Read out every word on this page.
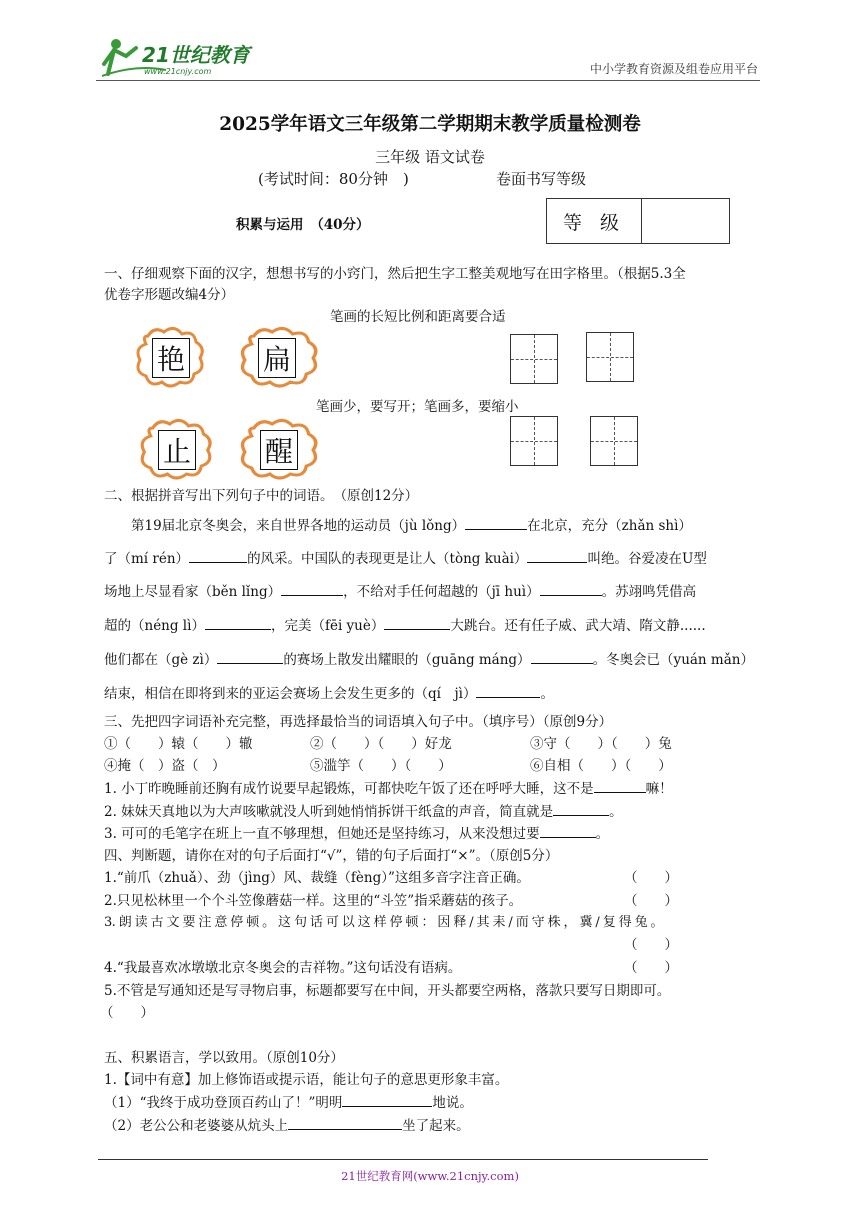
21世纪教育
www.21cnjy.com	中小学教育资源及组卷应用平台
2025学年语文三年级第二学期期末教学质量检测卷
三年级 语文试卷
(考试时间：80分钟　)	卷面书写等级
积累与运用　（40分）	等 级
一、仔细观察下面的汉字，想想书写的小窍门，然后把生字工整美观地写在田字格里。（根据5.3全
优卷字形题改编4分）
笔画的长短比例和距离要合适
笔画少，要写开；笔画多，要缩小
艳	扁
止	醒
二、根据拼音写出下列句子中的词语。　（原创12分）
　　第19届北京冬奥会，来自世界各地的运动员（jù lǒng）	在北京，充分（zhǎn shì）
了（mí rén）	的风采。中国队的表现更是让人（tòng kuài）	叫绝。谷爱凌在U型
场地上尽显看家（běn lǐng）	，不给对手任何超越的（jī huì）	。苏翊鸣凭借高
超的（néng lì）	，完美（fēi yuè）	大跳台。还有任子威、武大靖、隋文静......
他们都在（gè zì）	的赛场上散发出耀眼的（guāng máng）	。冬奥会已（yuán mǎn）
结束，相信在即将到来的亚运会赛场上会发生更多的（qí　jì）	。
三、先把四字词语补充完整，再选择最恰当的词语填入句子中。（填序号）（原创9分）
①（　　）辕（　　）辙	②（　　）（　　）好龙	③守（　　）（　　）兔
④掩（　）盗（　）	⑤滥竽（　　）（　　）	⑥自相（　　）（　　）
1. 小丁昨晚睡前还胸有成竹说要早起锻炼，可都快吃午饭了还在呼呼大睡，这不是	嘛！
2. 妹妹天真地以为大声咳嗽就没人听到她悄悄拆饼干纸盒的声音，简直就是	。
3. 可可的毛笔字在班上一直不够理想，但她还是坚持练习，从来没想过要	。
四、判断题，请你在对的句子后面打“√”，错的句子后面打“×”。（原创5分）
1.“前爪（zhuǎ）、劲（jìng）风、裁缝（fèng）”这组多音字注音正确。	（　　）
2.只见松林里一个个斗笠像蘑菇一样。这里的“斗笠”指采蘑菇的孩子。	（　　）
3. 朗 读 古 文 要 注 意 停 顿 。 这 句 话 可 以 这 样 停 顿 ： 因 释 / 其 耒 / 而 守 株 ， 冀 / 复 得 兔 。
（　　）
4.“我最喜欢冰墩墩北京冬奥会的吉祥物。”这句话没有语病。	（　　）
5.不管是写通知还是写寻物启事，标题都要写在中间，开头都要空两格，落款只要写日期即可。
（　　）
五、积累语言，学以致用。（原创10分）
1.【词中有意】加上修饰语或提示语，能让句子的意思更形象丰富。
（1）“我终于成功登顶百药山了！”明明	地说。
（2）老公公和老婆婆从炕头上	坐了起来。
21世纪教育网(www.21cnjy.com)
